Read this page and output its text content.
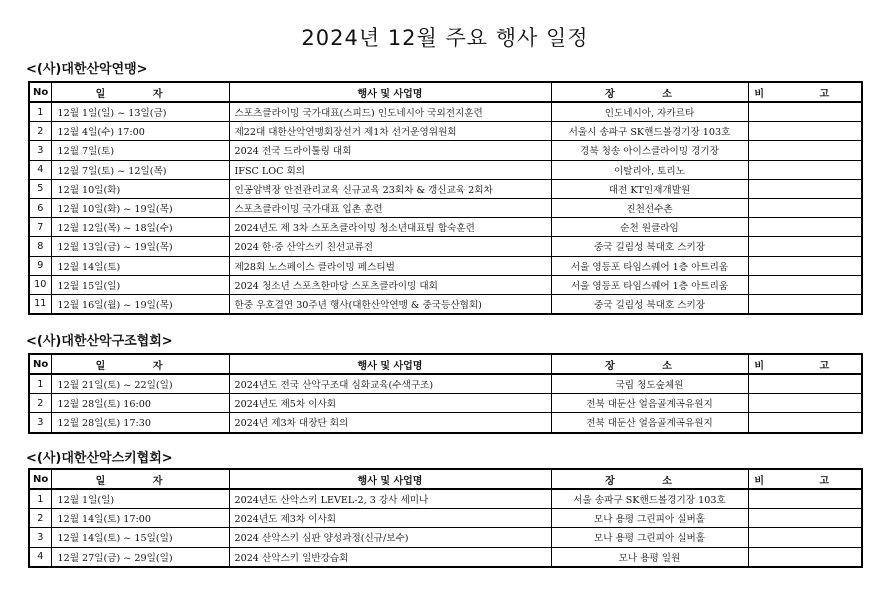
2024년 12월 주요 행사 일정
<(사)대한산악연맹>
No	일 자	행사 및 사업명	장 소	비 고
1	12월 1일(일) ~ 13일(금)	스포츠클라이밍 국가대표(스피드) 인도네시아 국외전지훈련	인도네시아, 자카르타	
2	12월 4일(수) 17:00	제22대 대한산악연맹회장선거 제1차 선거운영위원회	서울시 송파구 SK핸드볼경기장 103호	
3	12월 7일(토)	2024 전국 드라이툴링 대회	경북 청송 아이스클라이밍 경기장	
4	12월 7일(토) ~ 12일(목)	IFSC LOC 회의	이탈리아, 토리노	
5	12월 10일(화)	인공암벽장 안전관리교육 신규교육 23회차 & 갱신교육 2회차	대전 KT인재개발원	
6	12월 10일(화) ~ 19일(목)	스포츠클라이밍 국가대표 입촌 훈련	진천선수촌	
7	12월 12일(목) ~ 18일(수)	2024년도 제 3차 스포츠클라이밍 청소년대표팀 합숙훈련	순천 원클라임	
8	12월 13일(금) ~ 19일(목)	2024 한·중 산악스키 친선교류전	중국 길림성 북대호 스키장	
9	12월 14일(토)	제28회 노스페이스 클라이밍 페스티벌	서울 영등포 타임스퀘어 1층 아트리움	
10	12월 15일(일)	2024 청소년 스포츠한마당 스포츠클라이밍 대회	서울 영등포 타임스퀘어 1층 아트리움	
11	12월 16일(월) ~ 19일(목)	한중 우호결연 30주년 행사(대한산악연맹 & 중국등산협회)	중국 길림성 북대호 스키장	
<(사)대한산악구조협회>
No	일 자	행사 및 사업명	장 소	비 고
1	12월 21일(토) ~ 22일(일)	2024년도 전국 산악구조대 심화교육(수색구조)	국립 청도숲체원	
2	12월 28일(토) 16:00	2024년도 제5차 이사회	전북 대둔산 얼음골계곡유원지	
3	12월 28일(토) 17:30	2024년 제3차 대장단 회의	전북 대둔산 얼음골계곡유원지	
<(사)대한산악스키협회>
No	일 자	행사 및 사업명	장 소	비 고
1	12월 1일(일)	2024년도 산악스키 LEVEL-2, 3 강사 세미나	서울 송파구 SK핸드볼경기장 103호	
2	12월 14일(토) 17:00	2024년도 제3차 이사회	모나 용평 그린피아 실버홀	
3	12월 14일(토) ~ 15일(일)	2024 산악스키 심판 양성과정(신규/보수)	모나 용평 그린피아 실버홀	
4	12월 27일(금) ~ 29일(일)	2024 산악스키 일반강습회	모나 용평 일원	
